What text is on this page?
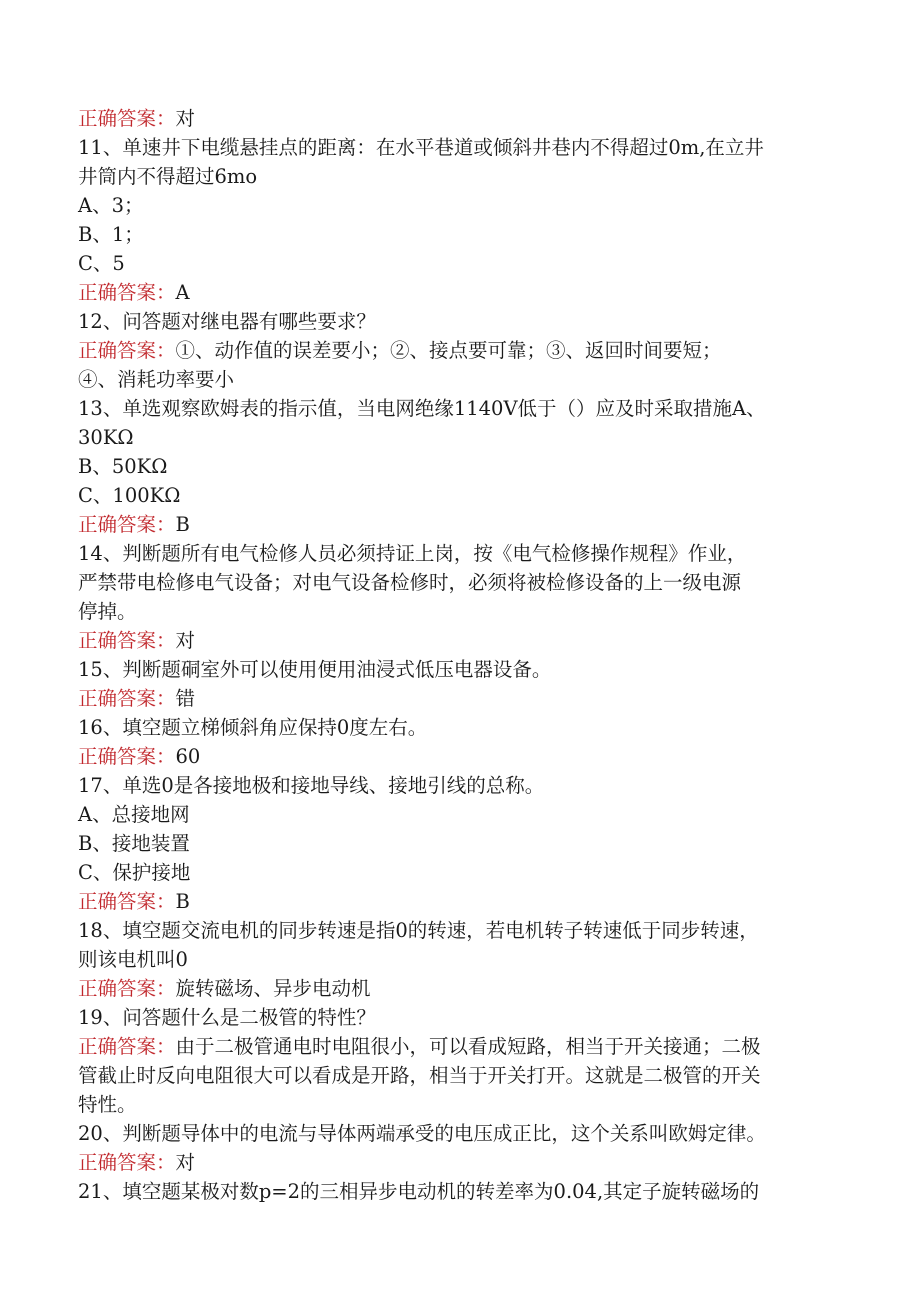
正确答案：对
11、单速井下电缆悬挂点的距离：在水平巷道或倾斜井巷内不得超过0m,在立井
井筒内不得超过6mo
A、3；
B、1；
C、5
正确答案：A
12、问答题对继电器有哪些要求？
正确答案：①、动作值的误差要小；②、接点要可靠；③、返回时间要短；
④、消耗功率要小
13、单选观察欧姆表的指示值，当电网绝缘1140V低于（）应及时采取措施A、
30KΩ
B、50KΩ
C、100KΩ
正确答案：B
14、判断题所有电气检修人员必须持证上岗，按《电气检修操作规程》作业，
严禁带电检修电气设备；对电气设备检修时，必须将被检修设备的上一级电源
停掉。
正确答案：对
15、判断题硐室外可以使用便用油浸式低压电器设备。
正确答案：错
16、填空题立梯倾斜角应保持0度左右。
正确答案：60
17、单选0是各接地极和接地导线、接地引线的总称。
A、总接地网
B、接地装置
C、保护接地
正确答案：B
18、填空题交流电机的同步转速是指0的转速，若电机转子转速低于同步转速，
则该电机叫0
正确答案：旋转磁场、异步电动机
19、问答题什么是二极管的特性？
正确答案：由于二极管通电时电阻很小，可以看成短路，相当于开关接通；二极
管截止时反向电阻很大可以看成是开路，相当于开关打开。这就是二极管的开关
特性。
20、判断题导体中的电流与导体两端承受的电压成正比，这个关系叫欧姆定律。
正确答案：对
21、填空题某极对数p=2的三相异步电动机的转差率为0.04,其定子旋转磁场的
